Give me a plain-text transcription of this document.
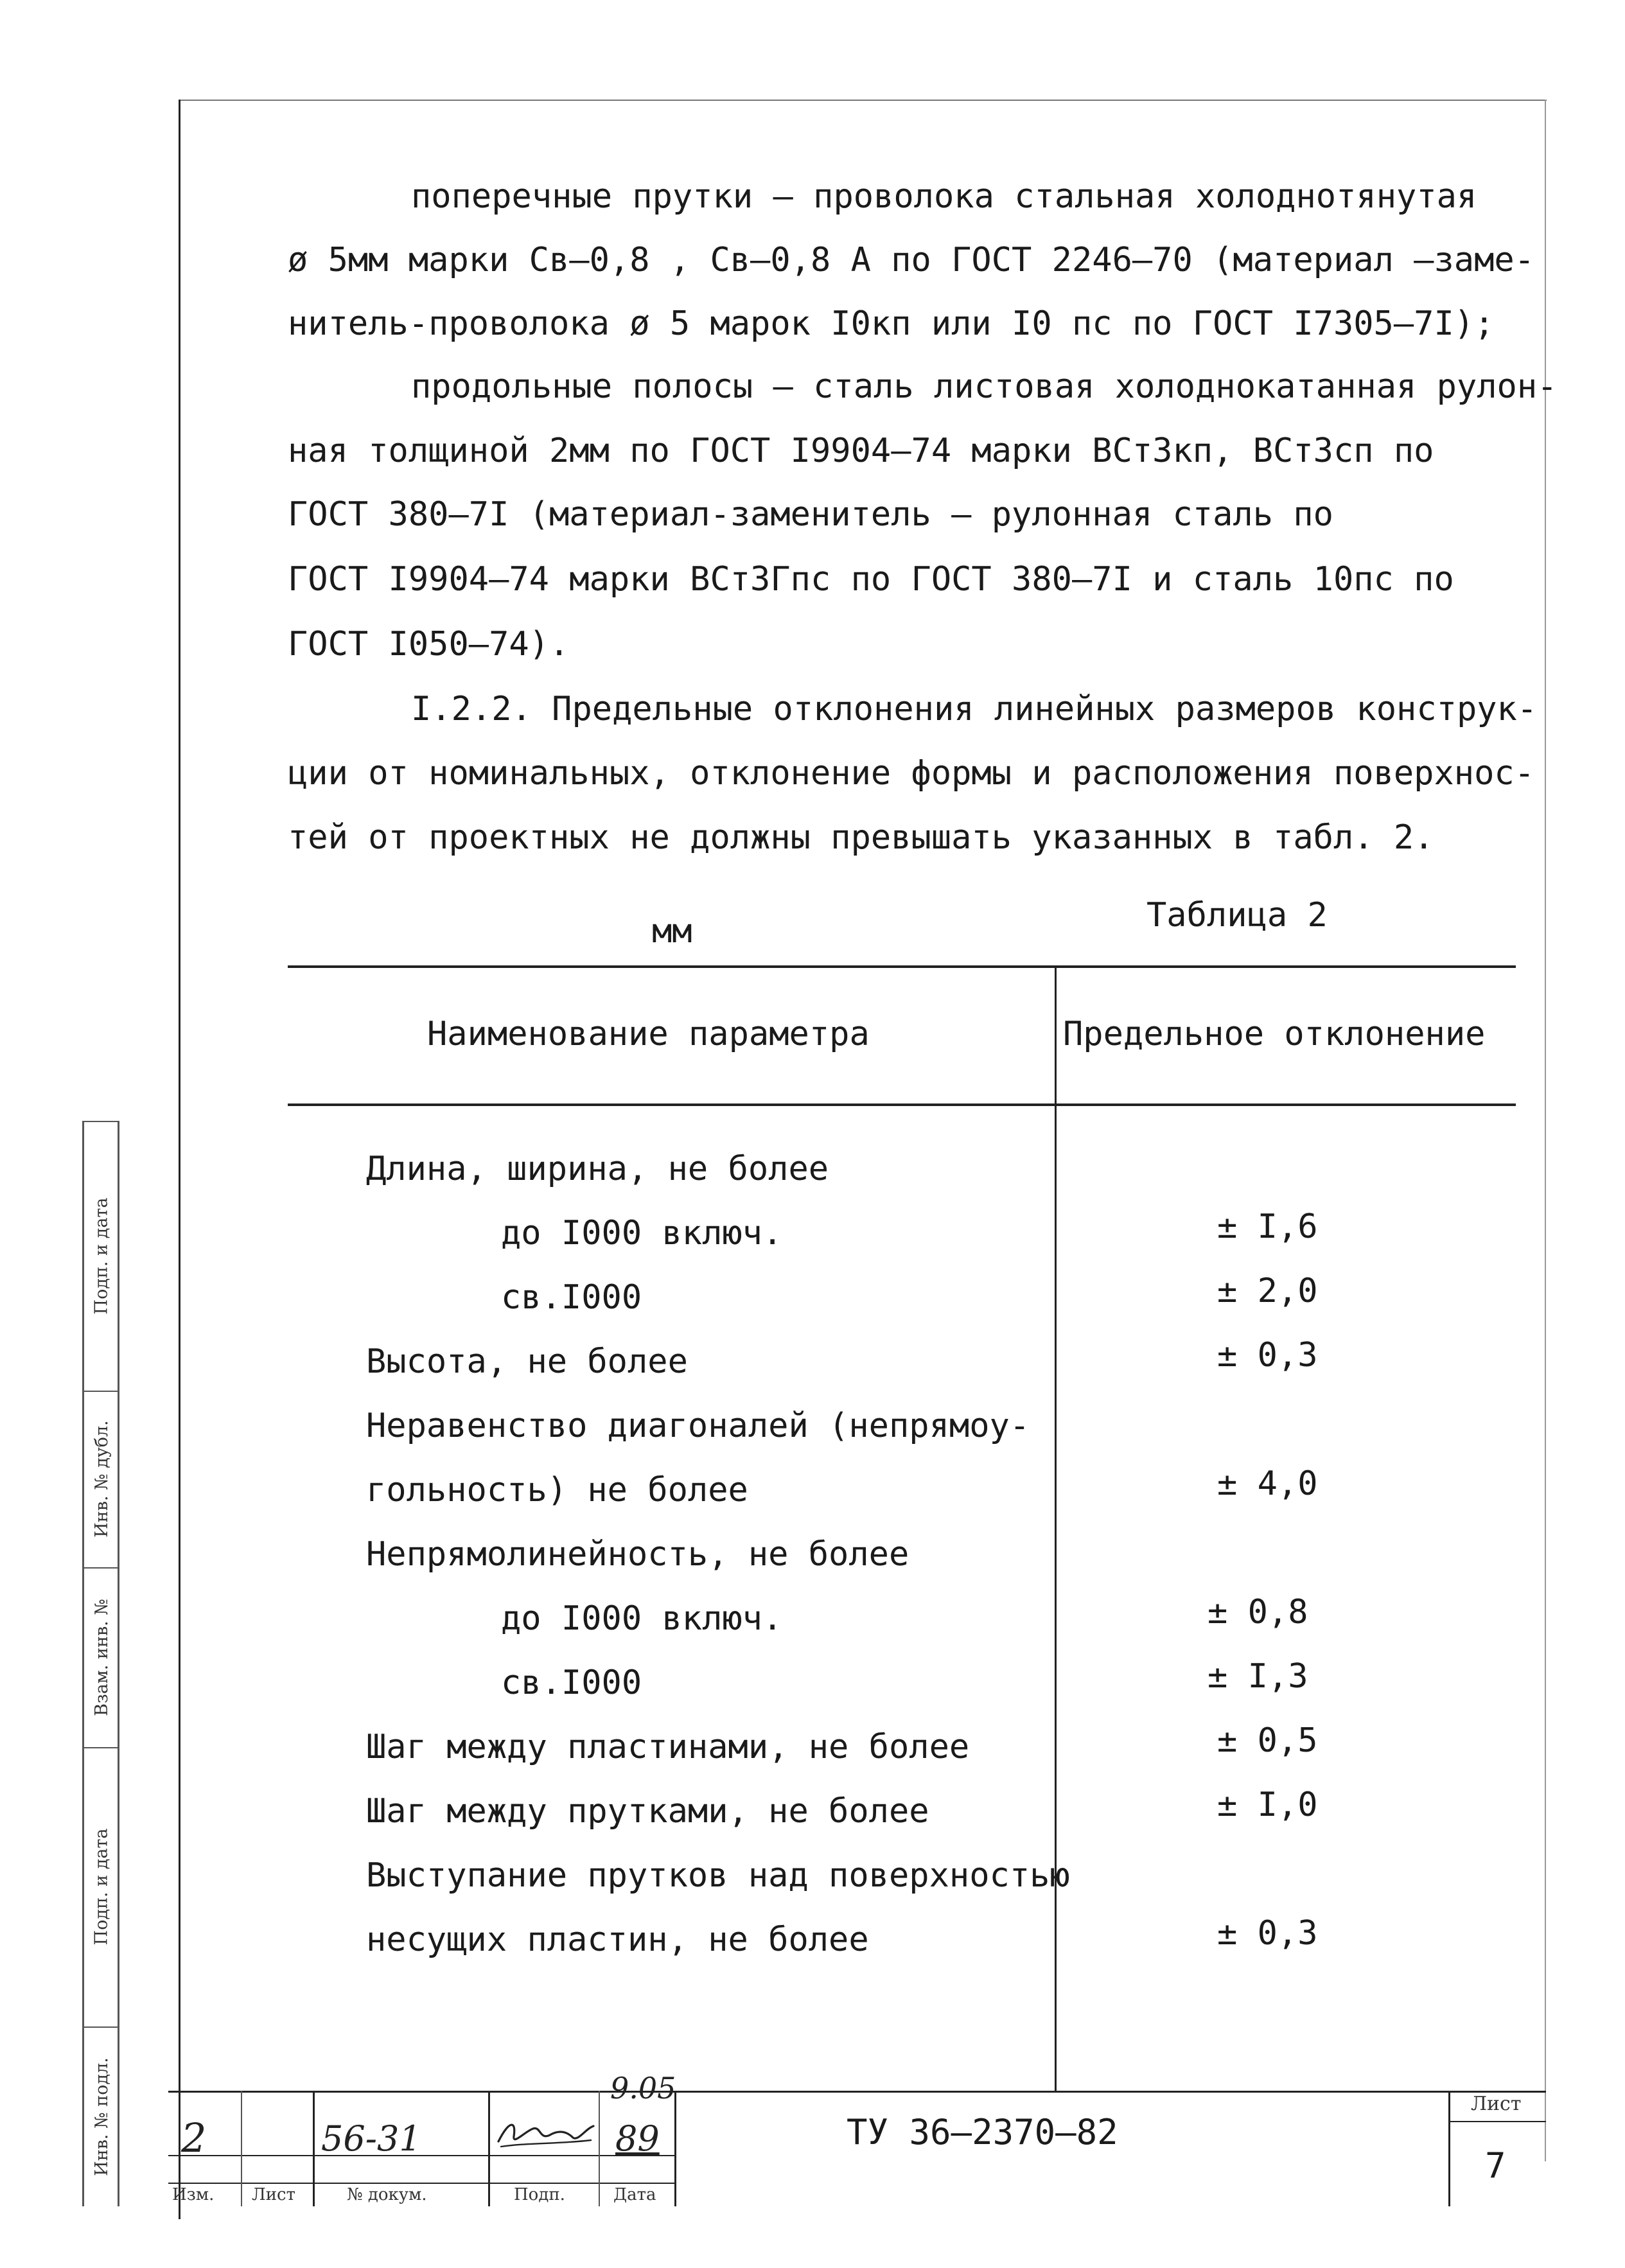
поперечные прутки – проволока стальная холоднотянутая
ø 5мм марки Св–0,8 , Св–0,8 А по ГОСТ 2246–70 (материал –заме-
нитель-проволока ø 5 марок I0кп или I0 пс по ГОСТ I7305–7I);
продольные полосы – сталь листовая холоднокатанная рулон-
ная толщиной 2мм по ГОСТ I9904–74 марки ВСт3кп, ВСт3сп по
ГОСТ 380–7I (материал-заменитель – рулонная сталь по
ГОСТ I9904–74 марки ВСт3Гпс по ГОСТ 380–7I и сталь 10пс по
ГОСТ I050–74).
I.2.2. Предельные отклонения линейных размеров конструк-
ции от номинальных, отклонение формы и расположения поверхнос-
тей от проектных не должны превышать указанных в табл. 2.
мм	Таблица 2
Наименование параметра	Предельное отклонение
Длина, ширина, не более
до I000 включ.	± I,6
св.I000	± 2,0
Высота, не более	± 0,3
Неравенство диагоналей (непрямоу-
гольность) не более	± 4,0
Непрямолинейность, не более
до I000 включ.	± 0,8
св.I000	± I,3
Шаг между пластинами, не более	± 0,5
Шаг между прутками, не более	± I,0
Выступание прутков над поверхностью
несущих пластин, не более	± 0,3
Подп. и дата
Инв. № дубл.
Взам. инв. №
Подп. и дата
Инв. № подл.
Изм. Лист	№ докум.	Подп.	Дата
2	56-31
9.05
89	ТУ 36–2370–82
Лист
7
